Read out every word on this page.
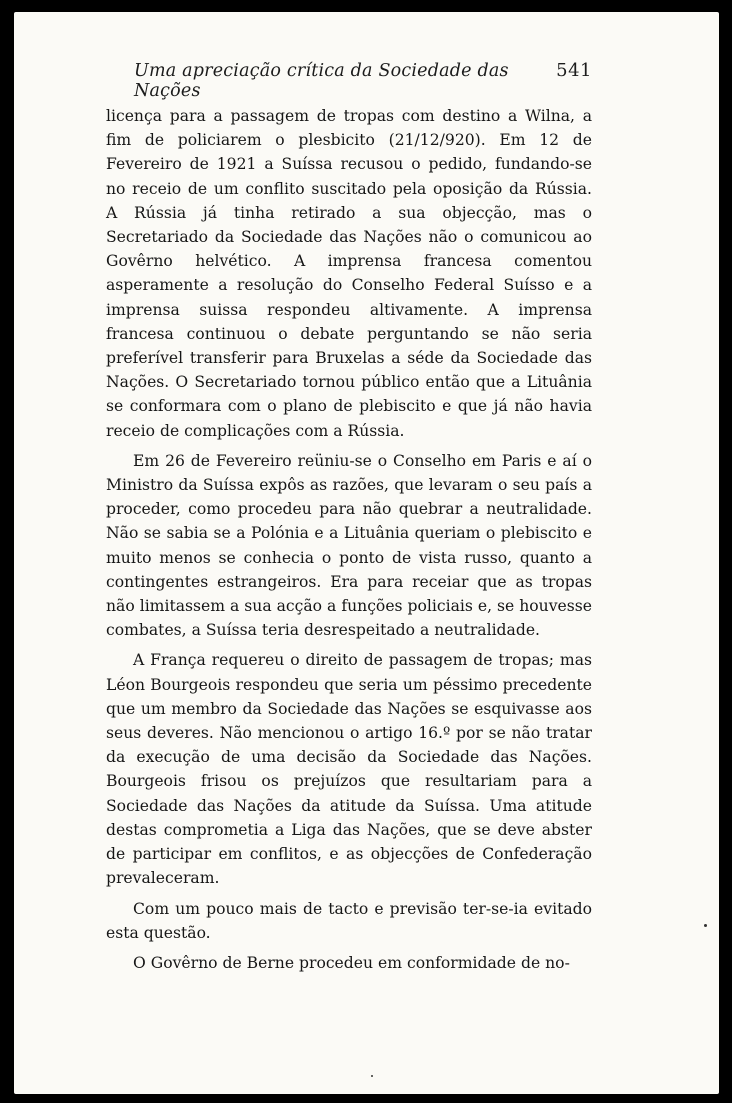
Uma apreciação crítica da Sociedade das Nações
541

licença para a passagem de tropas com destino a Wilna, a fim de policiarem o plesbicito (21/12/920). Em 12 de Fevereiro de 1921 a Suíssa recusou o pedido, fundando-se no receio de um conflito suscitado pela oposição da Rússia. A Rússia já tinha retirado a sua objecção, mas o Secretariado da Sociedade das Nações não o comunicou ao Govêrno helvético. A imprensa francesa comentou asperamente a resolução do Conselho Federal Suísso e a imprensa suissa respondeu altivamente. A imprensa francesa continuou o debate perguntando se não seria preferível transferir para Bruxelas a séde da Sociedade das Nações. O Secretariado tornou público então que a Lituânia se conformara com o plano de plebiscito e que já não havia receio de complicações com a Rússia.

Em 26 de Fevereiro reüniu-se o Conselho em Paris e aí o Ministro da Suíssa expôs as razões, que levaram o seu país a proceder, como procedeu para não quebrar a neutralidade. Não se sabia se a Polónia e a Lituânia queriam o plebiscito e muito menos se conhecia o ponto de vista russo, quanto a contingentes estrangeiros. Era para receiar que as tropas não limitassem a sua acção a funções policiais e, se houvesse combates, a Suíssa teria desrespeitado a neutralidade.

A França requereu o direito de passagem de tropas; mas Léon Bourgeois respondeu que seria um péssimo precedente que um membro da Sociedade das Nações se esquivasse aos seus deveres. Não mencionou o artigo 16.º por se não tratar da execução de uma decisão da Sociedade das Nações. Bourgeois frisou os prejuízos que resultariam para a Sociedade das Nações da atitude da Suíssa. Uma atitude destas comprometia a Liga das Nações, que se deve abster de participar em conflitos, e as objecções de Confederação prevaleceram.

Com um pouco mais de tacto e previsão ter-se-ia evitado esta questão.

O Govêrno de Berne procedeu em conformidade de no-
